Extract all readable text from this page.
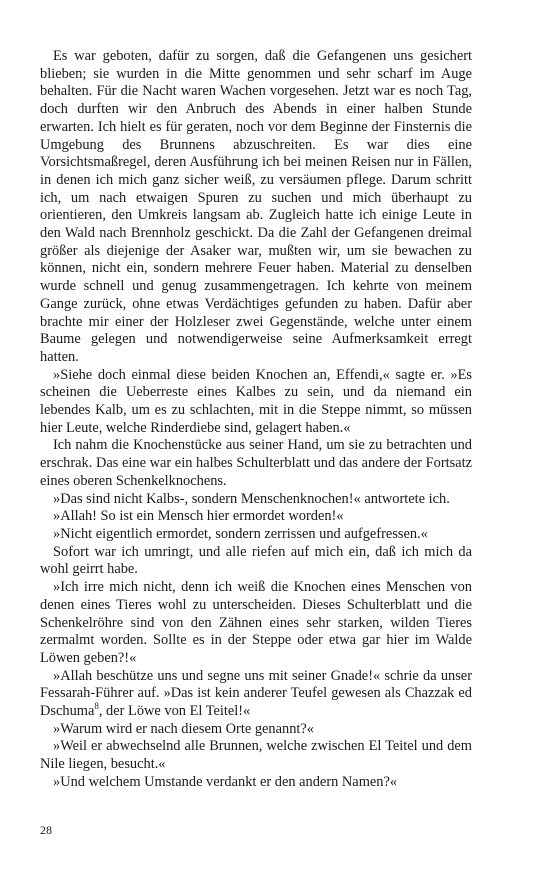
Es war geboten, dafür zu sorgen, daß die Gefangenen uns gesichert blieben; sie wurden in die Mitte genommen und sehr scharf im Auge behalten. Für die Nacht waren Wachen vorgesehen. Jetzt war es noch Tag, doch durften wir den Anbruch des Abends in einer halben Stunde erwarten. Ich hielt es für geraten, noch vor dem Beginne der Finsternis die Umgebung des Brunnens abzuschreiten. Es war dies eine Vorsichtsmaßregel, deren Ausführung ich bei meinen Reisen nur in Fällen, in denen ich mich ganz sicher weiß, zu versäumen pflege. Darum schritt ich, um nach etwaigen Spuren zu suchen und mich überhaupt zu orientieren, den Umkreis langsam ab. Zugleich hatte ich einige Leute in den Wald nach Brennholz geschickt. Da die Zahl der Gefangenen dreimal größer als diejenige der Asaker war, mußten wir, um sie bewachen zu können, nicht ein, sondern mehrere Feuer haben. Material zu denselben wurde schnell und genug zusammengetragen. Ich kehrte von meinem Gange zurück, ohne etwas Verdächtiges gefunden zu haben. Dafür aber brachte mir einer der Holzleser zwei Gegenstände, welche unter einem Baume gelegen und notwendigerweise seine Aufmerksamkeit erregt hatten.

»Siehe doch einmal diese beiden Knochen an, Effendi,« sagte er. »Es scheinen die Ueberreste eines Kalbes zu sein, und da niemand ein lebendes Kalb, um es zu schlachten, mit in die Steppe nimmt, so müssen hier Leute, welche Rinderdiebe sind, gelagert haben.«

Ich nahm die Knochenstücke aus seiner Hand, um sie zu betrachten und erschrak. Das eine war ein halbes Schulterblatt und das andere der Fortsatz eines oberen Schenkelknochens.

»Das sind nicht Kalbs-, sondern Menschenknochen!« antwortete ich.

»Allah! So ist ein Mensch hier ermordet worden!«

»Nicht eigentlich ermordet, sondern zerrissen und aufgefressen.«

Sofort war ich umringt, und alle riefen auf mich ein, daß ich mich da wohl geirrt habe.

»Ich irre mich nicht, denn ich weiß die Knochen eines Menschen von denen eines Tieres wohl zu unterscheiden. Dieses Schulterblatt und die Schenkelröhre sind von den Zähnen eines sehr starken, wilden Tieres zermalmt worden. Sollte es in der Steppe oder etwa gar hier im Walde Löwen geben?!«

»Allah beschütze uns und segne uns mit seiner Gnade!« schrie da unser Fessarah-Führer auf. »Das ist kein anderer Teufel gewesen als Chazzak ed Dschuma$^8$, der Löwe von El Teitel!«

»Warum wird er nach diesem Orte genannt?«

»Weil er abwechselnd alle Brunnen, welche zwischen El Teitel und dem Nile liegen, besucht.«

»Und welchem Umstande verdankt er den andern Namen?«

28
